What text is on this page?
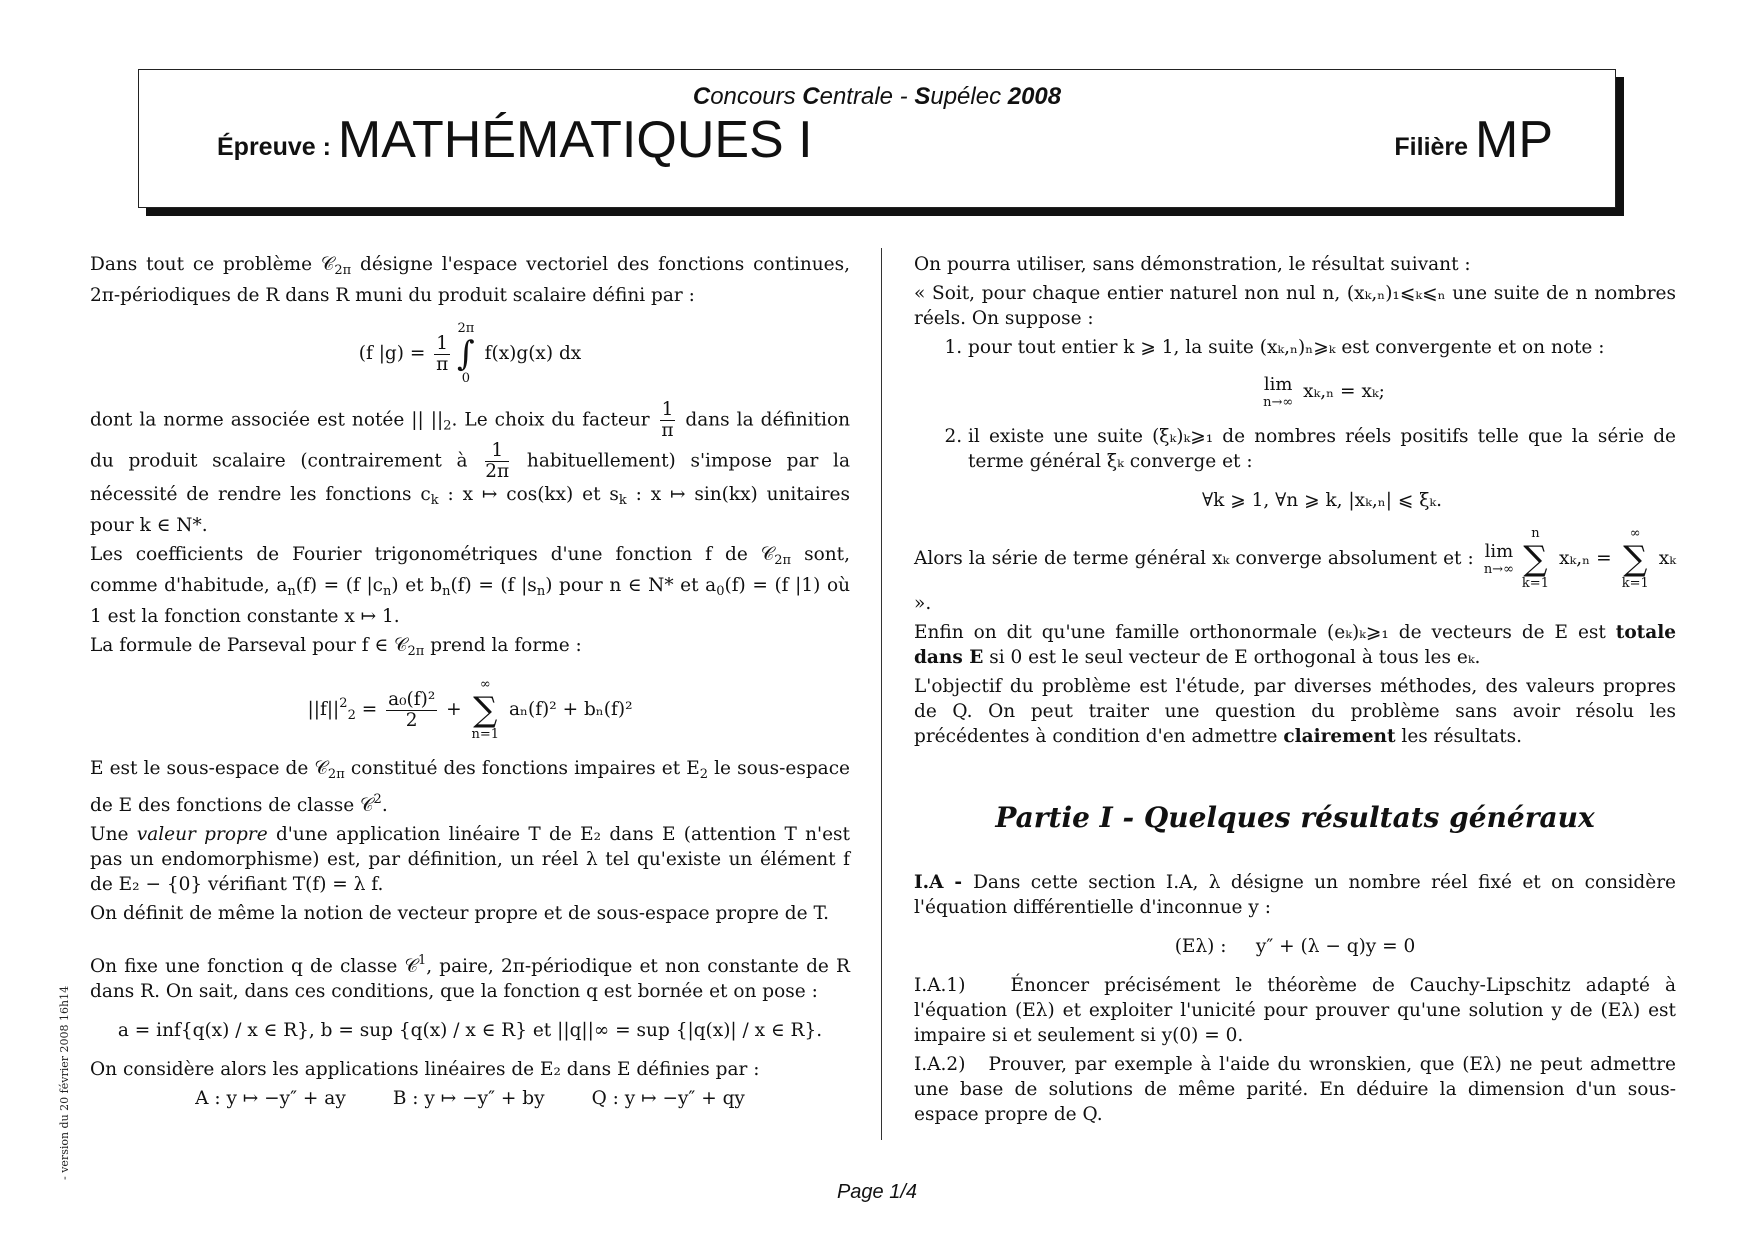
Concours Centrale - Supélec 2008
Épreuve : MATHÉMATIQUES I	Filière MP

Dans tout ce problème 𝒞$_{2\pi}$ désigne l'espace vectoriel des fonctions continues, 2π-périodiques de R dans R muni du produit scalaire défini par :

(f $|g) = \frac{1}{\pi}$
2π
∫
0
f(x)g(x) dx

dont la norme associée est notée || $||_2$. Le choix du facteur $\frac{1}{\pi}$ dans la définition du produit scalaire (contrairement à $\frac{1}{2\pi}$ habituellement) s'impose par la nécessité de rendre les fonctions $c_k$ : x ↦ cos(kx) et $s_k$ : x ↦ sin(kx) unitaires pour k ∈ N*.

Les coefficients de Fourier trigonométriques d'une fonction f de 𝒞$_{2\pi}$ sont, comme d'habitude, $a_n(f) = (f$ $|c_n$) et $b_n(f) = (f$ $|s_n$) pour n ∈ N* et $a_0(f) = (f$ |1) où 1 est la fonction constante x ↦ 1.

La formule de Parseval pour f ∈ 𝒞$_{2\pi}$ prend la forme :

$||f||^2_2 = \frac{\text{a₀(f)²}}{2}$ +
∞
∑
n=1
aₙ(f)² + bₙ(f)²

E est le sous-espace de 𝒞$_{2\pi}$ constitué des fonctions impaires et $E_2$ le sous-espace de E des fonctions de classe 𝒞$^2$.

Une valeur propre d'une application linéaire T de E₂ dans E (attention T n'est pas un endomorphisme) est, par définition, un réel λ tel qu'existe un élément f de E₂ − {0} vérifiant T(f) = λ f.

On définit de même la notion de vecteur propre et de sous-espace propre de T.

On fixe une fonction q de classe 𝒞$^1$, paire, 2π-périodique et non constante de R dans R. On sait, dans ces conditions, que la fonction q est bornée et on pose :

a = inf{q(x) / x ∈ R}, b = sup {q(x) / x ∈ R} et ||q||∞ = sup {|q(x)| / x ∈ R}.

On considère alors les applications linéaires de E₂ dans E définies par :

A : y ↦ −y″ + ay        B : y ↦ −y″ + by        Q : y ↦ −y″ + qy

On pourra utiliser, sans démonstration, le résultat suivant :

« Soit, pour chaque entier naturel non nul n, (xₖ,ₙ)₁⩽ₖ⩽ₙ une suite de n nombres réels. On suppose :

1. pour tout entier k ⩾ 1, la suite (xₖ,ₙ)ₙ⩾ₖ est convergente et on note :
lim
n→∞
xₖ,ₙ = xₖ;
2. il existe une suite (ξₖ)ₖ⩾₁ de nombres réels positifs telle que la série de terme général ξₖ converge et :
∀k ⩾ 1, ∀n ⩾ k, |xₖ,ₙ| ⩽ ξₖ.

Alors la série de terme général xₖ converge absolument et : lim
n→∞
n
∑
k=1
xₖ,ₙ =
∞
∑
k=1
xₖ ».

Enfin on dit qu'une famille orthonormale (eₖ)ₖ⩾₁ de vecteurs de E est totale dans E si 0 est le seul vecteur de E orthogonal à tous les eₖ.

L'objectif du problème est l'étude, par diverses méthodes, des valeurs propres de Q. On peut traiter une question du problème sans avoir résolu les précédentes à condition d'en admettre clairement les résultats.

Partie I - Quelques résultats généraux

I.A - Dans cette section I.A, λ désigne un nombre réel fixé et on considère l'équation différentielle d'inconnue y :

(Eλ) :     y″ + (λ − q)y = 0

I.A.1) Énoncer précisément le théorème de Cauchy-Lipschitz adapté à l'équation (Eλ) et exploiter l'unicité pour prouver qu'une solution y de (Eλ) est impaire si et seulement si y(0) = 0.

I.A.2) Prouver, par exemple à l'aide du wronskien, que (Eλ) ne peut admettre une base de solutions de même parité. En déduire la dimension d'un sous-espace propre de Q.

- version du 20 février 2008 16h14
Page 1/4
